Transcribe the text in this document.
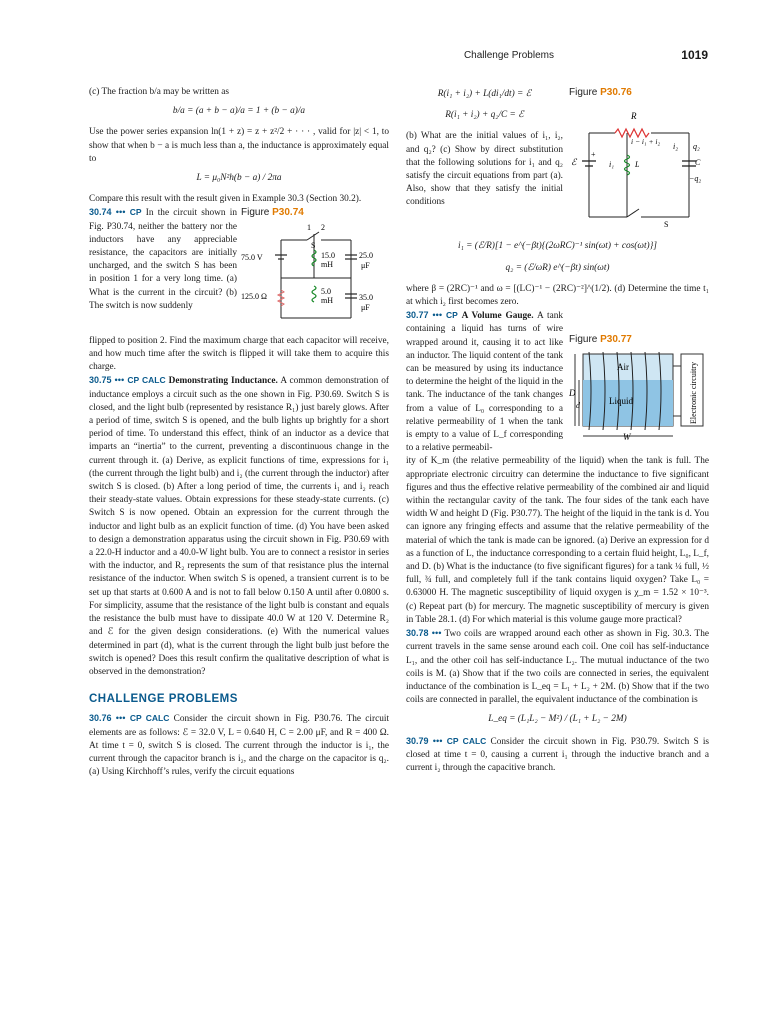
Challenge Problems	1019

(c) The fraction b/a may be written as

b/a = (a + b − a)/a = 1 + (b − a)/a

Use the power series expansion ln(1 + z) = z + z²/2 + · · · , valid for |z| < 1, to show that when b − a is much less than a, the inductance is approximately equal to

L = μ₀N²h(b − a) / 2πa

Compare this result with the result given in Example 30.3 (Section 30.2).

30.74 ••• CP In the circuit shown in Fig. P30.74, neither the battery nor the inductors have any appreciable resistance, the capacitors are initially uncharged, and the switch S has been in position 1 for a very long time. (a) What is the current in the circuit? (b) The switch is now suddenly
Figure P30.74
1 2
S
75.0 V
125.0 Ω
15.0
mH
5.0
mH
25.0
μF
35.0
μF

flipped to position 2. Find the maximum charge that each capacitor will receive, and how much time after the switch is flipped it will take them to acquire this charge.

30.75 ••• CP CALC Demonstrating Inductance. A common demonstration of inductance employs a circuit such as the one shown in Fig. P30.69. Switch S is closed, and the light bulb (represented by resistance R₁) just barely glows. After a period of time, switch S is opened, and the bulb lights up brightly for a short period of time. To understand this effect, think of an inductor as a device that imparts an “inertia” to the current, preventing a discontinuous change in the current through it. (a) Derive, as explicit functions of time, expressions for i₁ (the current through the light bulb) and i₂ (the current through the inductor) after switch S is closed. (b) After a long period of time, the currents i₁ and i₂ reach their steady-state values. Obtain expressions for these steady-state currents. (c) Switch S is now opened. Obtain an expression for the current through the inductor and light bulb as an explicit function of time. (d) You have been asked to design a demonstration apparatus using the circuit shown in Fig. P30.69 with a 22.0-H inductor and a 40.0-W light bulb. You are to connect a resistor in series with the inductor, and R₂ represents the sum of that resistance plus the internal resistance of the inductor. When switch S is opened, a transient current is to be set up that starts at 0.600 A and is not to fall below 0.150 A until after 0.0800 s. For simplicity, assume that the resistance of the light bulb is constant and equals the resistance the bulb must have to dissipate 40.0 W at 120 V. Determine R₂ and ℰ for the given design considerations. (e) With the numerical values determined in part (d), what is the current through the light bulb just before the switch is opened? Does this result confirm the qualitative description of what is observed in the demonstration?

CHALLENGE PROBLEMS

30.76 ••• CP CALC Consider the circuit shown in Fig. P30.76. The circuit elements are as follows: ℰ = 32.0 V, L = 0.640 H, C = 2.00 μF, and R = 400 Ω. At time t = 0, switch S is closed. The current through the inductor is i₁, the current through the capacitor branch is i₂, and the charge on the capacitor is q₂. (a) Using Kirchhoff’s rules, verify the circuit equations

R(i₁ + i₂) + L(di₁/dt) = ℰ
R(i₁ + i₂) + q₂/C = ℰ

(b) What are the initial values of i₁, i₂, and q₂? (c) Show by direct substitution that the following solutions for i₁ and q₂ satisfy the circuit equations from part (a). Also, show that they satisfy the initial conditions

Figure P30.76
R
i − i₁ + i₂
i₁	L
i₂ q₂
C
−q₂
ℰ
+
S
i₁ = (ℰ/R)[1 − e^(−βt){(2ωRC)⁻¹ sin(ωt) + cos(ωt)}]
q₂ = (ℰ/ωR) e^(−βt) sin(ωt)

where β = (2RC)⁻¹ and ω = [(LC)⁻¹ − (2RC)⁻²]^(1/2). (d) Determine the time t₁ at which i₂ first becomes zero.

30.77 ••• CP A Volume Gauge. A tank containing a liquid has turns of wire wrapped around it, causing it to act like an inductor. The liquid content of the tank can be measured by using its inductance to determine the height of the liquid in the tank. The inductance of the tank changes from a value of L₀ corresponding to a relative permeability of 1 when the tank is empty to a value of L_f corresponding to a relative permeabil-
Figure P30.77
Air
Liquid
D
d
W
Electronic circuitry

ity of K_m (the relative permeability of the liquid) when the tank is full. The appropriate electronic circuitry can determine the inductance to five significant figures and thus the effective relative permeability of the combined air and liquid within the rectangular cavity of the tank. The four sides of the tank each have width W and height D (Fig. P30.77). The height of the liquid in the tank is d. You can ignore any fringing effects and assume that the relative permeability of the material of which the tank is made can be ignored. (a) Derive an expression for d as a function of L, the inductance corresponding to a certain fluid height, L₀, L_f, and D. (b) What is the inductance (to five significant figures) for a tank ¼ full, ½ full, ¾ full, and completely full if the tank contains liquid oxygen? Take L₀ = 0.63000 H. The magnetic susceptibility of liquid oxygen is χ_m = 1.52 × 10⁻³. (c) Repeat part (b) for mercury. The magnetic susceptibility of mercury is given in Table 28.1. (d) For which material is this volume gauge more practical?

30.78 ••• Two coils are wrapped around each other as shown in Fig. 30.3. The current travels in the same sense around each coil. One coil has self-inductance L₁, and the other coil has self-inductance L₂. The mutual inductance of the two coils is M. (a) Show that if the two coils are connected in series, the equivalent inductance of the combination is L_eq = L₁ + L₂ + 2M. (b) Show that if the two coils are connected in parallel, the equivalent inductance of the combination is

L_eq = (L₁L₂ − M²) / (L₁ + L₂ − 2M)

30.79 ••• CP CALC Consider the circuit shown in Fig. P30.79. Switch S is closed at time t = 0, causing a current i₁ through the inductive branch and a current i₂ through the capacitive branch.
